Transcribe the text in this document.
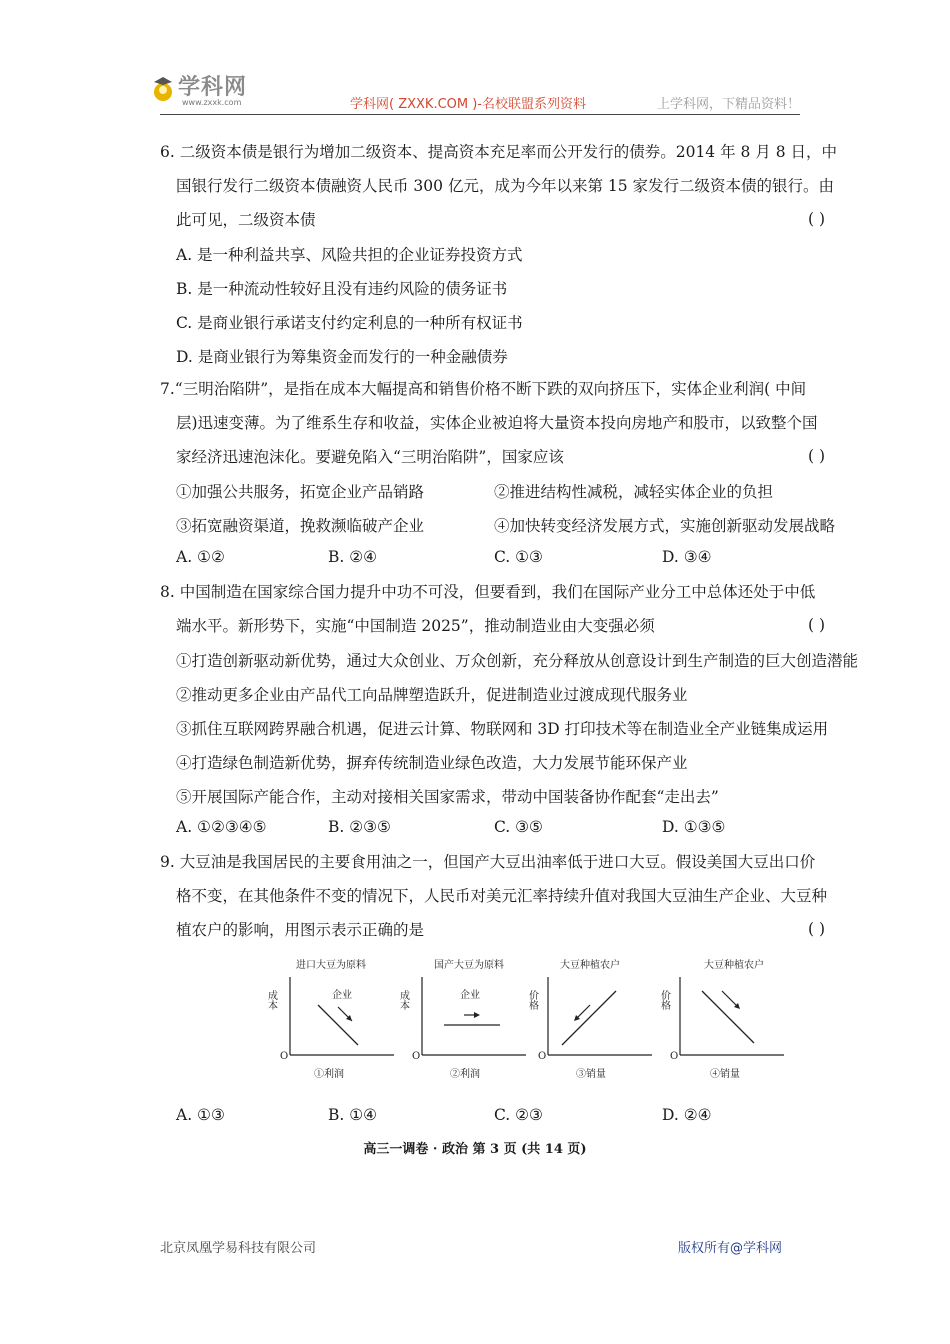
学科网
www.zxxk.com	学科网( ZXXK.COM )-名校联盟系列资料	上学科网，下精品资料！
6. 二级资本债是银行为增加二级资本、提高资本充足率而公开发行的债券。2014 年 8 月 8 日，中
国银行发行二级资本债融资人民币 300 亿元，成为今年以来第 15 家发行二级资本债的银行。由
此可见，二级资本债	( )
A. 是一种利益共享、风险共担的企业证券投资方式
B. 是一种流动性较好且没有违约风险的债务证书
C. 是商业银行承诺支付约定利息的一种所有权证书
D. 是商业银行为筹集资金而发行的一种金融债券
7.“三明治陷阱”，是指在成本大幅提高和销售价格不断下跌的双向挤压下，实体企业利润( 中间
层)迅速变薄。为了维系生存和收益，实体企业被迫将大量资本投向房地产和股市，以致整个国
家经济迅速泡沫化。要避免陷入“三明治陷阱”，国家应该	( )
①加强公共服务，拓宽企业产品销路	②推进结构性减税，减轻实体企业的负担
③拓宽融资渠道，挽救濒临破产企业	④加快转变经济发展方式，实施创新驱动发展战略
A. ①②	B. ②④	C. ①③	D. ③④
8. 中国制造在国家综合国力提升中功不可没，但要看到，我们在国际产业分工中总体还处于中低
端水平。新形势下，实施“中国制造 2025”，推动制造业由大变强必须	( )
①打造创新驱动新优势，通过大众创业、万众创新，充分释放从创意设计到生产制造的巨大创造潜能
②推动更多企业由产品代工向品牌塑造跃升，促进制造业过渡成现代服务业
③抓住互联网跨界融合机遇，促进云计算、物联网和 3D 打印技术等在制造业全产业链集成运用
④打造绿色制造新优势，摒弃传统制造业绿色改造，大力发展节能环保产业
⑤开展国际产能合作，主动对接相关国家需求，带动中国装备协作配套“走出去”
A. ①②③④⑤	B. ②③⑤	C. ③⑤	D. ①③⑤
9. 大豆油是我国居民的主要食用油之一，但国产大豆出油率低于进口大豆。假设美国大豆出口价
格不变，在其他条件不变的情况下，人民币对美元汇率持续升值对我国大豆油生产企业、大豆种
植农户的影响，用图示表示正确的是	( )
进口大豆为原料
成本
O
企业
①利润
国产大豆为原料
成本
O
企业
②利润
大豆种植农户
价格
O
③销量
大豆种植农户
价格
O
④销量
A. ①③	B. ①④	C. ②③	D. ②④
高三一调卷 · 政治 第 3 页 (共 14 页)
北京凤凰学易科技有限公司	版权所有@学科网
